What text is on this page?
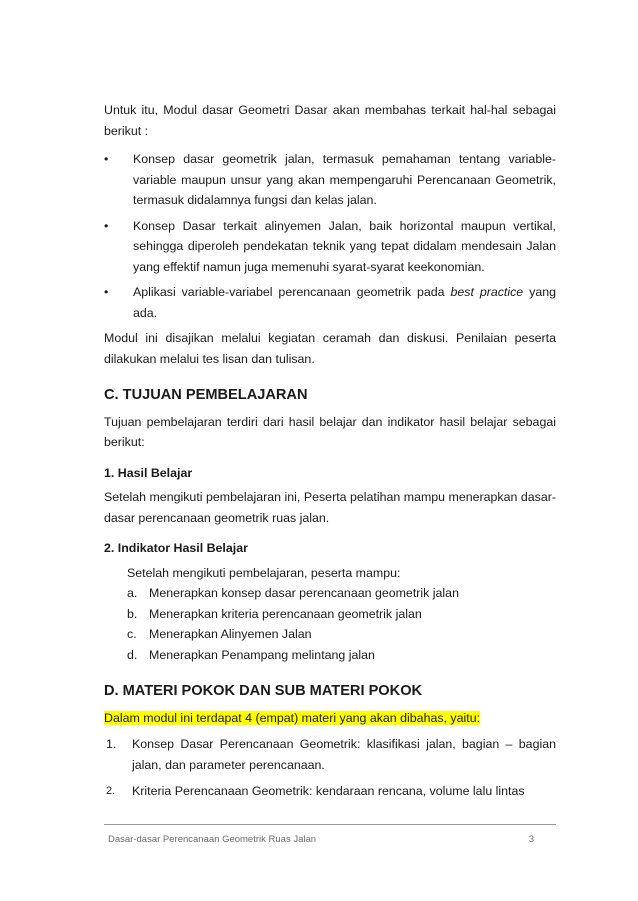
Untuk itu, Modul dasar Geometri Dasar akan membahas terkait hal-hal sebagai berikut :

•	Konsep dasar geometrik jalan, termasuk pemahaman tentang variable-variable maupun unsur yang akan mempengaruhi Perencanaan Geometrik, termasuk didalamnya fungsi dan kelas jalan.
•	Konsep Dasar terkait alinyemen Jalan, baik horizontal maupun vertikal, sehingga diperoleh pendekatan teknik yang tepat didalam mendesain Jalan yang effektif namun juga memenuhi syarat-syarat keekonomian.
•	Aplikasi variable-variabel perencanaan geometrik pada best practice yang ada.

Modul ini disajikan melalui kegiatan ceramah dan diskusi. Penilaian peserta dilakukan melalui tes lisan dan tulisan.

C. TUJUAN PEMBELAJARAN

Tujuan pembelajaran terdiri dari hasil belajar dan indikator hasil belajar sebagai berikut:

1. Hasil Belajar

Setelah mengikuti pembelajaran ini, Peserta pelatihan mampu menerapkan dasar-dasar perencanaan geometrik ruas jalan.

2. Indikator Hasil Belajar

Setelah mengikuti pembelajaran, peserta mampu:

a. Menerapkan konsep dasar perencanaan geometrik jalan
b. Menerapkan kriteria perencanaan geometrik jalan
c. Menerapkan Alinyemen Jalan
d. Menerapkan Penampang melintang jalan
D. MATERI POKOK DAN SUB MATERI POKOK
Dalam modul ini terdapat 4 (empat) materi yang akan dibahas, yaitu:
1.	Konsep Dasar Perencanaan Geometrik: klasifikasi jalan, bagian – bagian jalan, dan parameter perencanaan.
2.	Kriteria Perencanaan Geometrik: kendaraan rencana, volume lalu lintas
Dasar-dasar Perencanaan Geometrik Ruas Jalan	3
